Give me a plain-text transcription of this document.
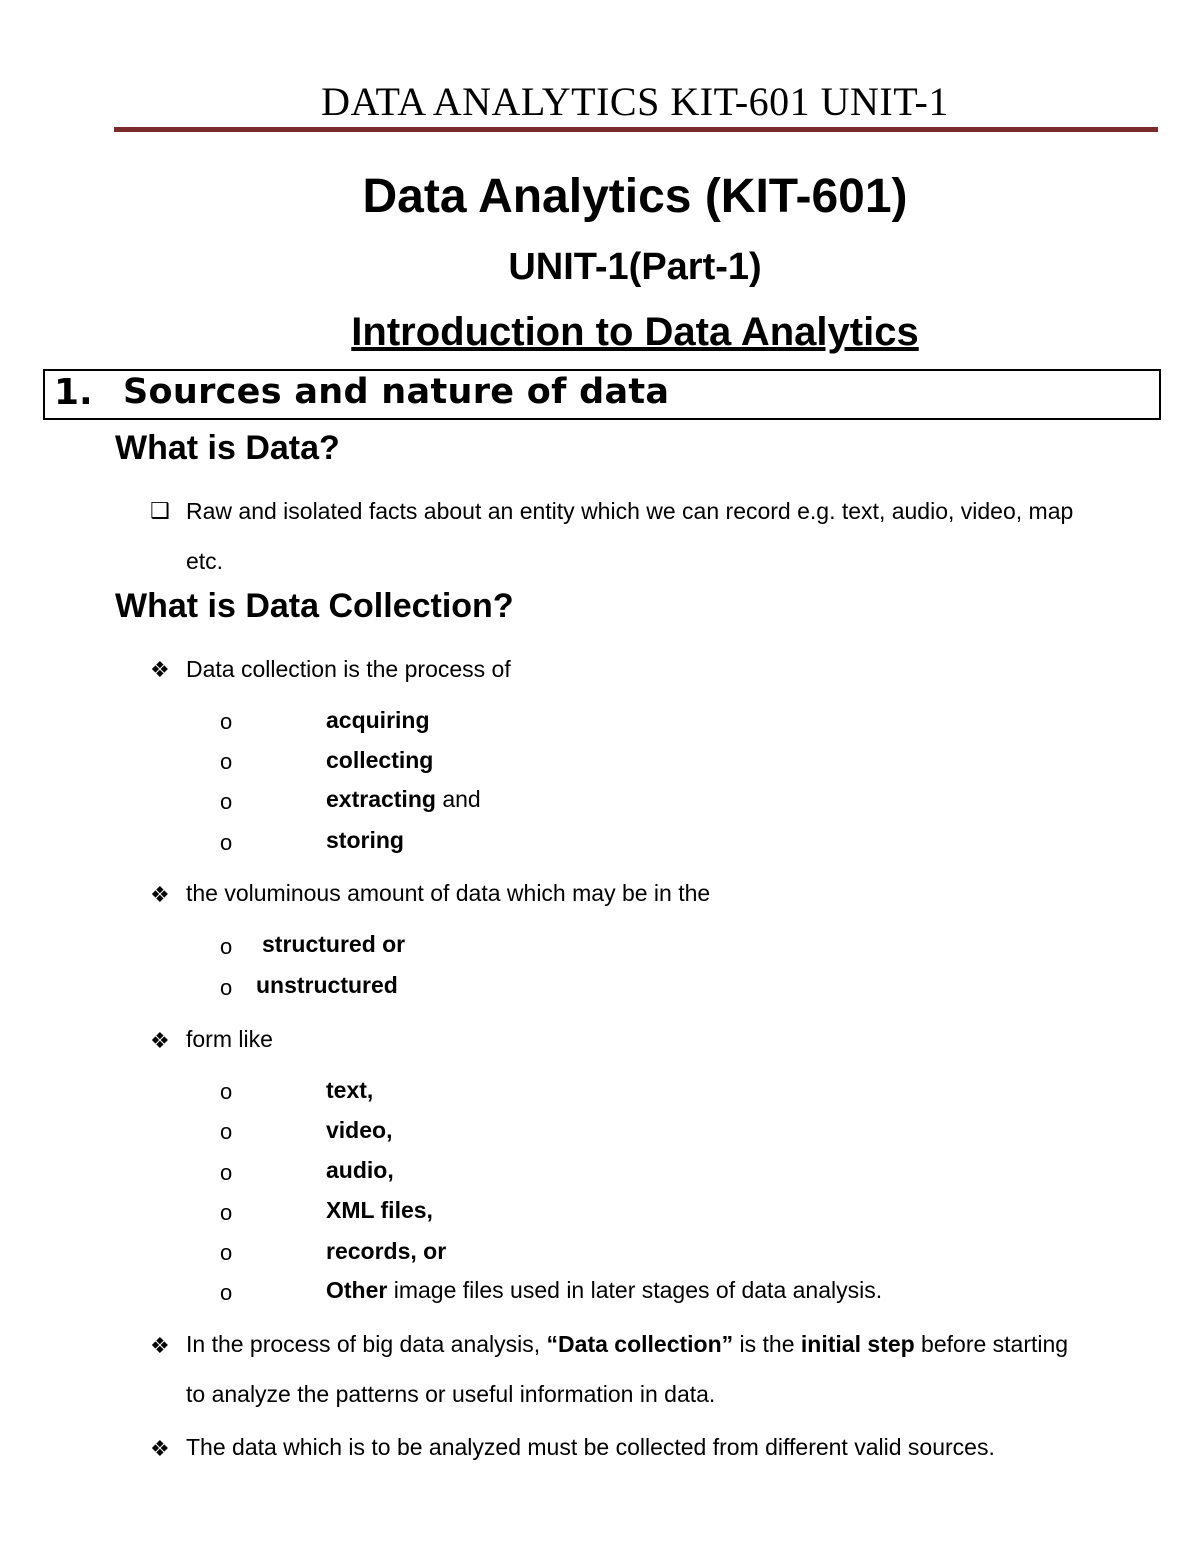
DATA ANALYTICS KIT-601 UNIT-1
Data Analytics (KIT-601)
UNIT-1(Part-1)
Introduction to Data Analytics
1. Sources and nature of data
What is Data?
❑ Raw and isolated facts about an entity which we can record e.g. text, audio, video, map
etc.
What is Data Collection?
❖ Data collection is the process of
o	acquiring
o	collecting
o	extracting and
o	storing
❖ the voluminous amount of data which may be in the
o structured or
o unstructured
❖ form like
o	text,
o	video,
o	audio,
o	XML files,
o	records, or
o	Other image files used in later stages of data analysis.
❖ In the process of big data analysis, “Data collection” is the initial step before starting
to analyze the patterns or useful information in data.
❖ The data which is to be analyzed must be collected from different valid sources.
